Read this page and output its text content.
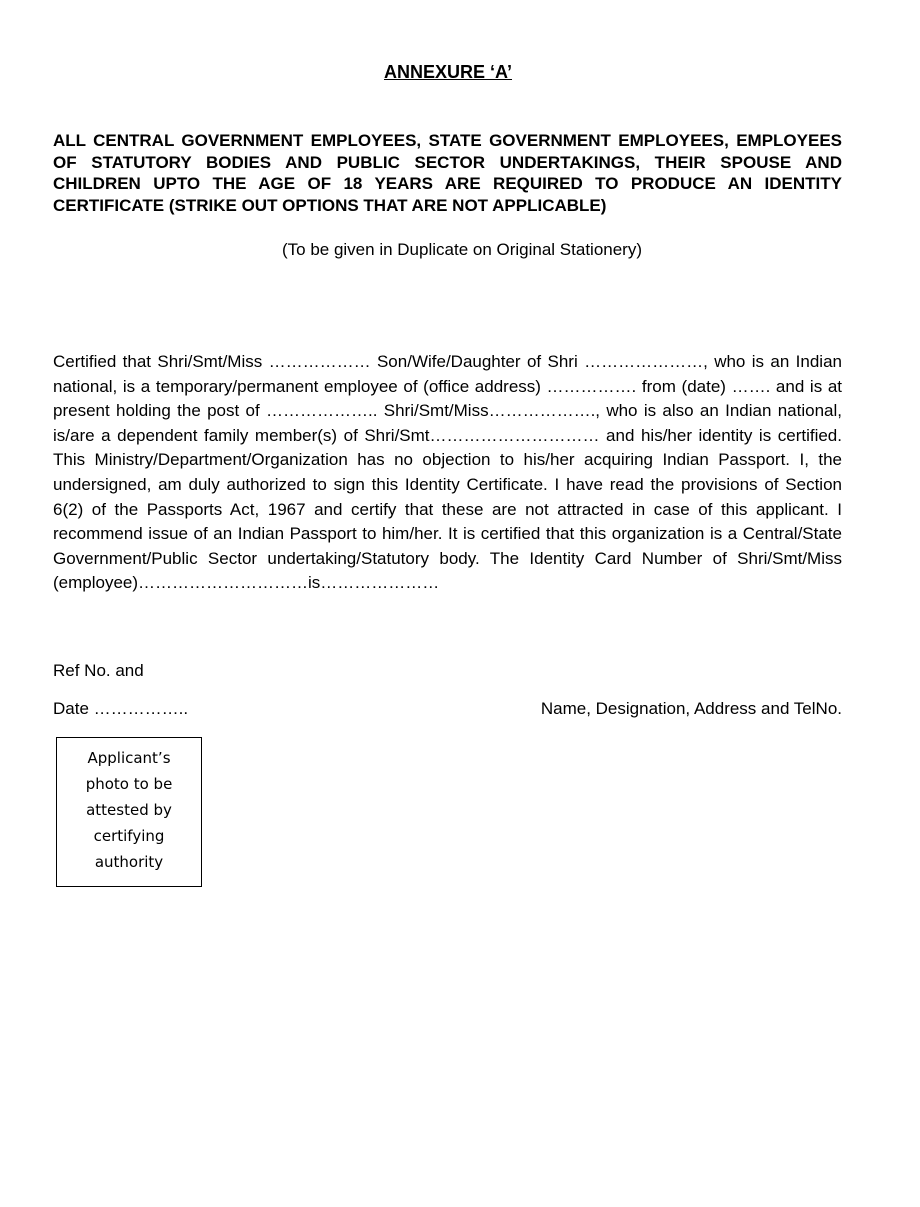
ANNEXURE ‘A’
ALL CENTRAL GOVERNMENT EMPLOYEES, STATE GOVERNMENT EMPLOYEES, EMPLOYEES OF STATUTORY BODIES AND PUBLIC SECTOR UNDERTAKINGS, THEIR SPOUSE AND CHILDREN UPTO THE AGE OF 18 YEARS ARE REQUIRED TO PRODUCE AN IDENTITY CERTIFICATE (STRIKE OUT OPTIONS THAT ARE NOT APPLICABLE)
(To be given in Duplicate on Original Stationery)
Certified that Shri/Smt/Miss ……………… Son/Wife/Daughter of Shri …………………, who is an Indian national, is a temporary/permanent employee of (office address) ……………. from (date) ……. and is at present holding the post of ……………….. Shri/Smt/Miss………………., who is also an Indian national, is/are a dependent family member(s) of Shri/Smt………………………… and his/her identity is certified. This Ministry/Department/Organization has no objection to his/her acquiring Indian Passport. I, the undersigned, am duly authorized to sign this Identity Certificate. I have read the provisions of Section 6(2) of the Passports Act, 1967 and certify that these are not attracted in case of this applicant. I recommend issue of an Indian Passport to him/her. It is certified that this organization is a Central/State Government/Public Sector undertaking/Statutory body. The Identity Card Number of Shri/Smt/Miss (employee)…………………………is…………………
Ref No. and
Date ……………..	Name, Designation, Address and TelNo.
Applicant’s photo to be attested by certifying authority
